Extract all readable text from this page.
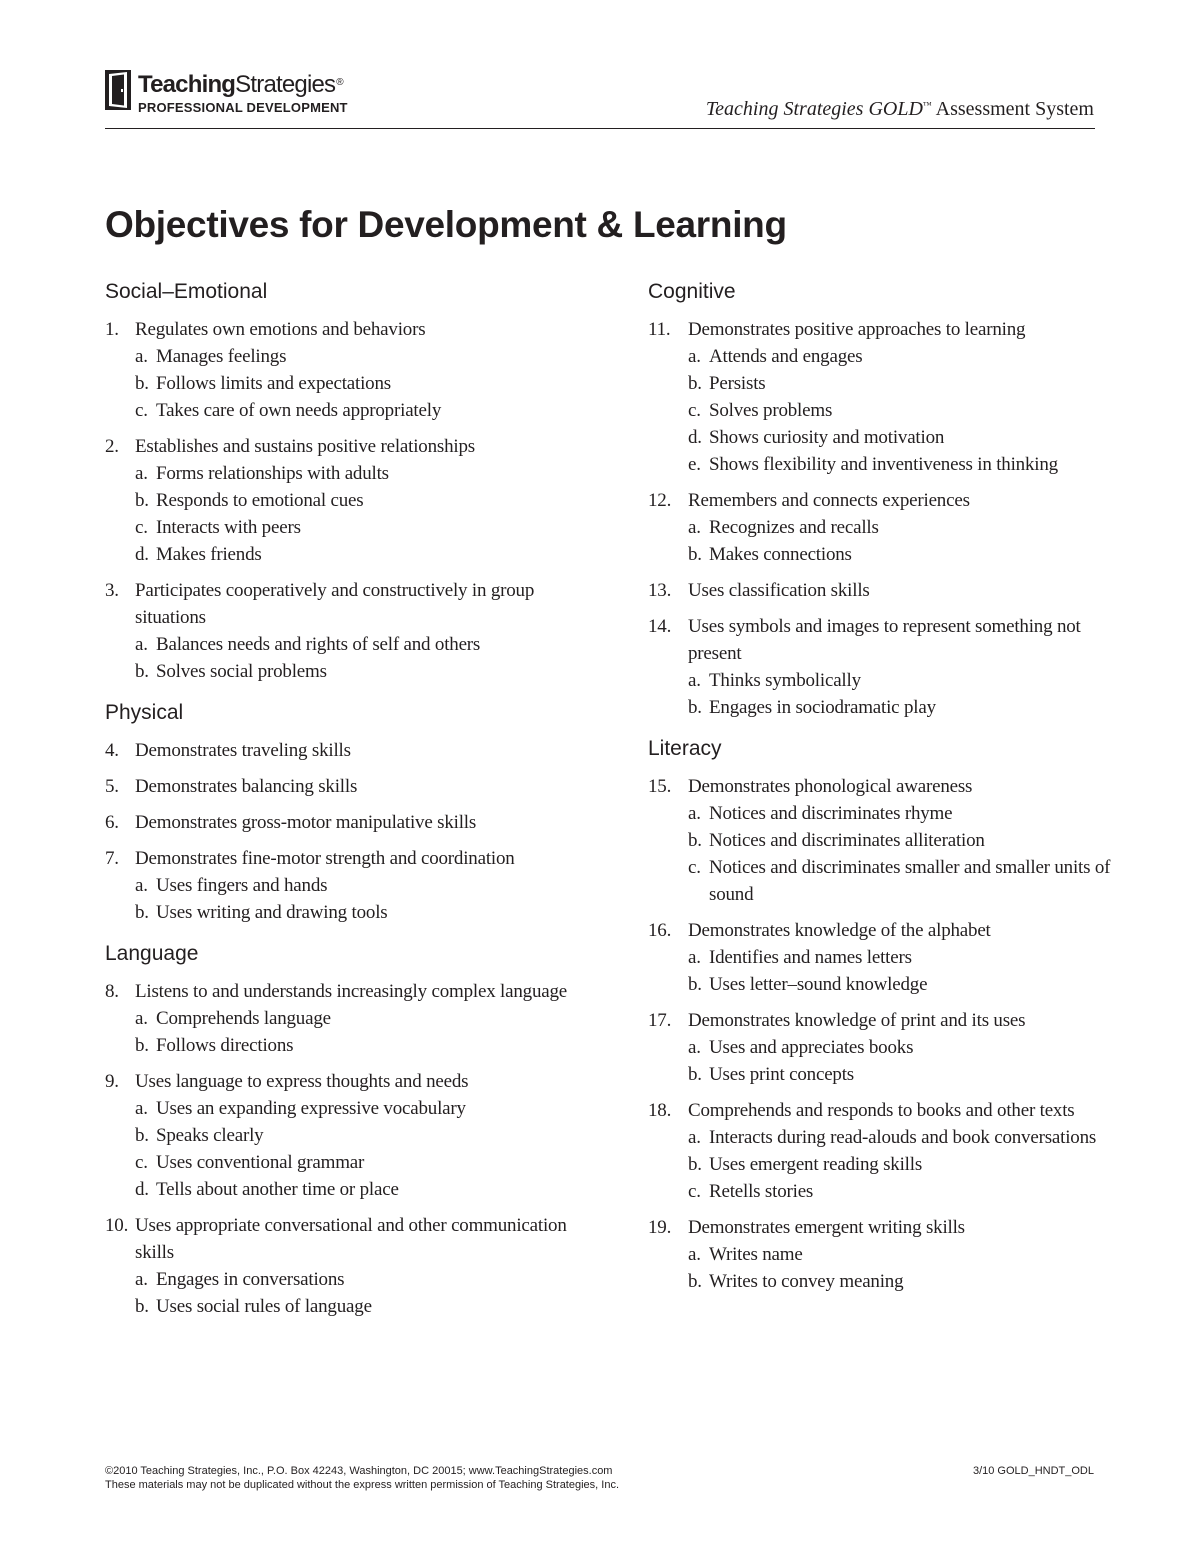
TeachingStrategies®
PROFESSIONAL DEVELOPMENT	Teaching Strategies GOLD™ Assessment System
Objectives for Development & Learning
Social–Emotional
1. Regulates own emotions and behaviors
a. Manages feelings
b. Follows limits and expectations
c. Takes care of own needs appropriately
2. Establishes and sustains positive relationships
a. Forms relationships with adults
b. Responds to emotional cues
c. Interacts with peers
d. Makes friends
3. Participates cooperatively and constructively in group situations
a. Balances needs and rights of self and others
b. Solves social problems
Physical
4. Demonstrates traveling skills
5. Demonstrates balancing skills
6. Demonstrates gross-motor manipulative skills
7. Demonstrates fine-motor strength and coordination
a. Uses fingers and hands
b. Uses writing and drawing tools
Language
8. Listens to and understands increasingly complex language
a. Comprehends language
b. Follows directions
9. Uses language to express thoughts and needs
a. Uses an expanding expressive vocabulary
b. Speaks clearly
c. Uses conventional grammar
d. Tells about another time or place
10. Uses appropriate conversational and other communication skills
a. Engages in conversations
b. Uses social rules of language
Cognitive
11. Demonstrates positive approaches to learning
a. Attends and engages
b. Persists
c. Solves problems
d. Shows curiosity and motivation
e. Shows flexibility and inventiveness in thinking
12. Remembers and connects experiences
a. Recognizes and recalls
b. Makes connections
13. Uses classification skills
14. Uses symbols and images to represent something not present
a. Thinks symbolically
b. Engages in sociodramatic play
Literacy
15. Demonstrates phonological awareness
a. Notices and discriminates rhyme
b. Notices and discriminates alliteration
c. Notices and discriminates smaller and smaller units of sound
16. Demonstrates knowledge of the alphabet
a. Identifies and names letters
b. Uses letter–sound knowledge
17. Demonstrates knowledge of print and its uses
a. Uses and appreciates books
b. Uses print concepts
18. Comprehends and responds to books and other texts
a. Interacts during read-alouds and book conversations
b. Uses emergent reading skills
c. Retells stories
19. Demonstrates emergent writing skills
a. Writes name
b. Writes to convey meaning
©2010 Teaching Strategies, Inc., P.O. Box 42243, Washington, DC 20015; www.TeachingStrategies.com
These materials may not be duplicated without the express written permission of Teaching Strategies, Inc.
3/10 GOLD_HNDT_ODL
